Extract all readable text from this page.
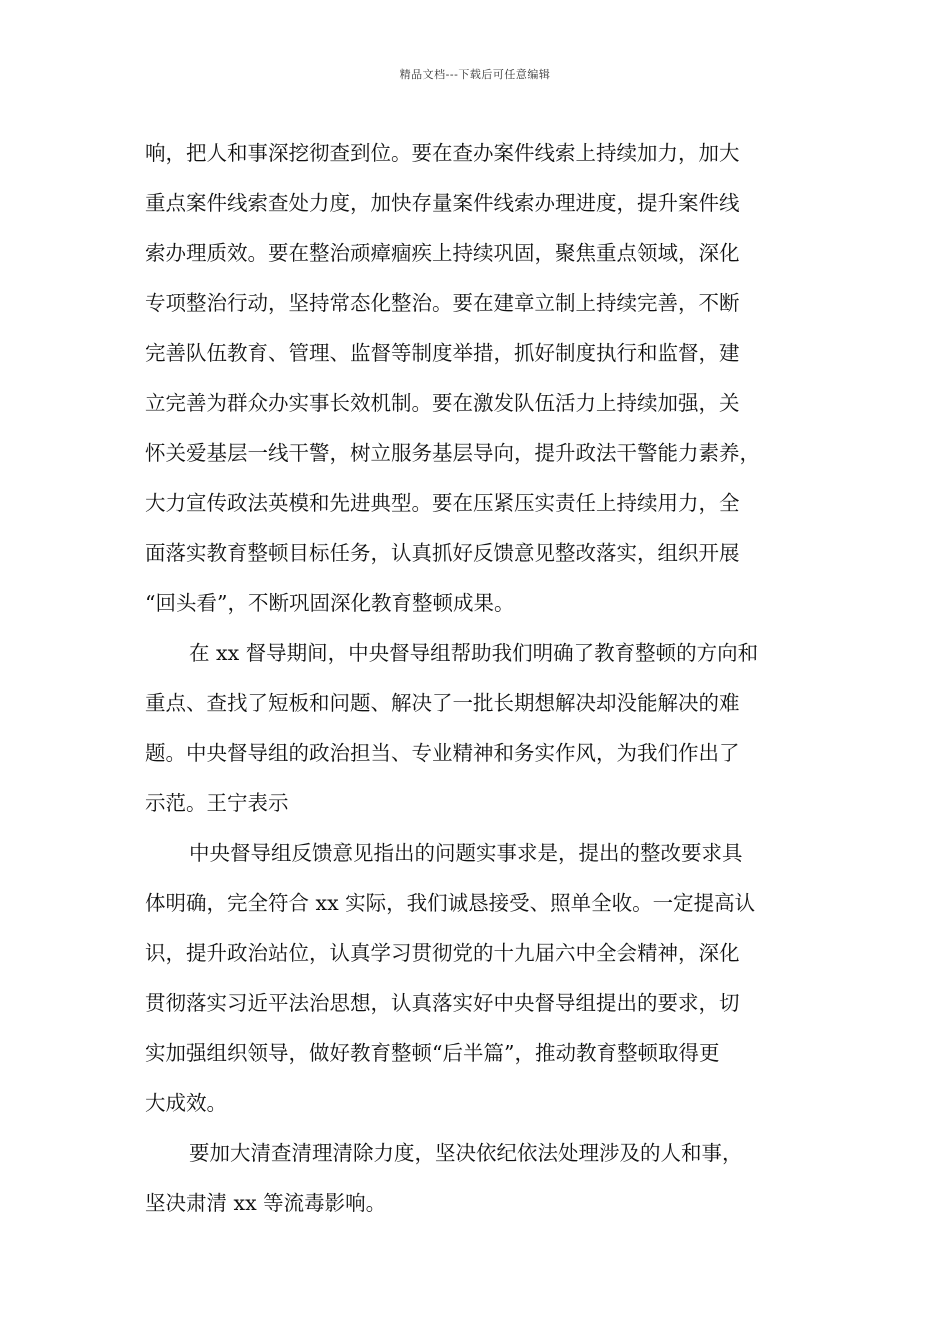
精品文档---下载后可任意编辑
响，把人和事深挖彻查到位。要在查办案件线索上持续加力，加大
重点案件线索查处力度，加快存量案件线索办理进度，提升案件线
索办理质效。要在整治顽瘴痼疾上持续巩固，聚焦重点领域，深化
专项整治行动，坚持常态化整治。要在建章立制上持续完善，不断
完善队伍教育、管理、监督等制度举措，抓好制度执行和监督，建
立完善为群众办实事长效机制。要在激发队伍活力上持续加强，关
怀关爱基层一线干警，树立服务基层导向，提升政法干警能力素养，
大力宣传政法英模和先进典型。要在压紧压实责任上持续用力，全
面落实教育整顿目标任务，认真抓好反馈意见整改落实，组织开展
“回头看”，不断巩固深化教育整顿成果。
在 xx 督导期间，中央督导组帮助我们明确了教育整顿的方向和
重点、查找了短板和问题、解决了一批长期想解决却没能解决的难
题。中央督导组的政治担当、专业精神和务实作风，为我们作出了
示范。王宁表示
中央督导组反馈意见指出的问题实事求是，提出的整改要求具
体明确，完全符合 xx 实际，我们诚恳接受、照单全收。一定提高认
识，提升政治站位，认真学习贯彻党的十九届六中全会精神，深化
贯彻落实习近平法治思想，认真落实好中央督导组提出的要求，切
实加强组织领导，做好教育整顿“后半篇”，推动教育整顿取得更
大成效。
要加大清查清理清除力度，坚决依纪依法处理涉及的人和事，
坚决肃清 xx 等流毒影响。
